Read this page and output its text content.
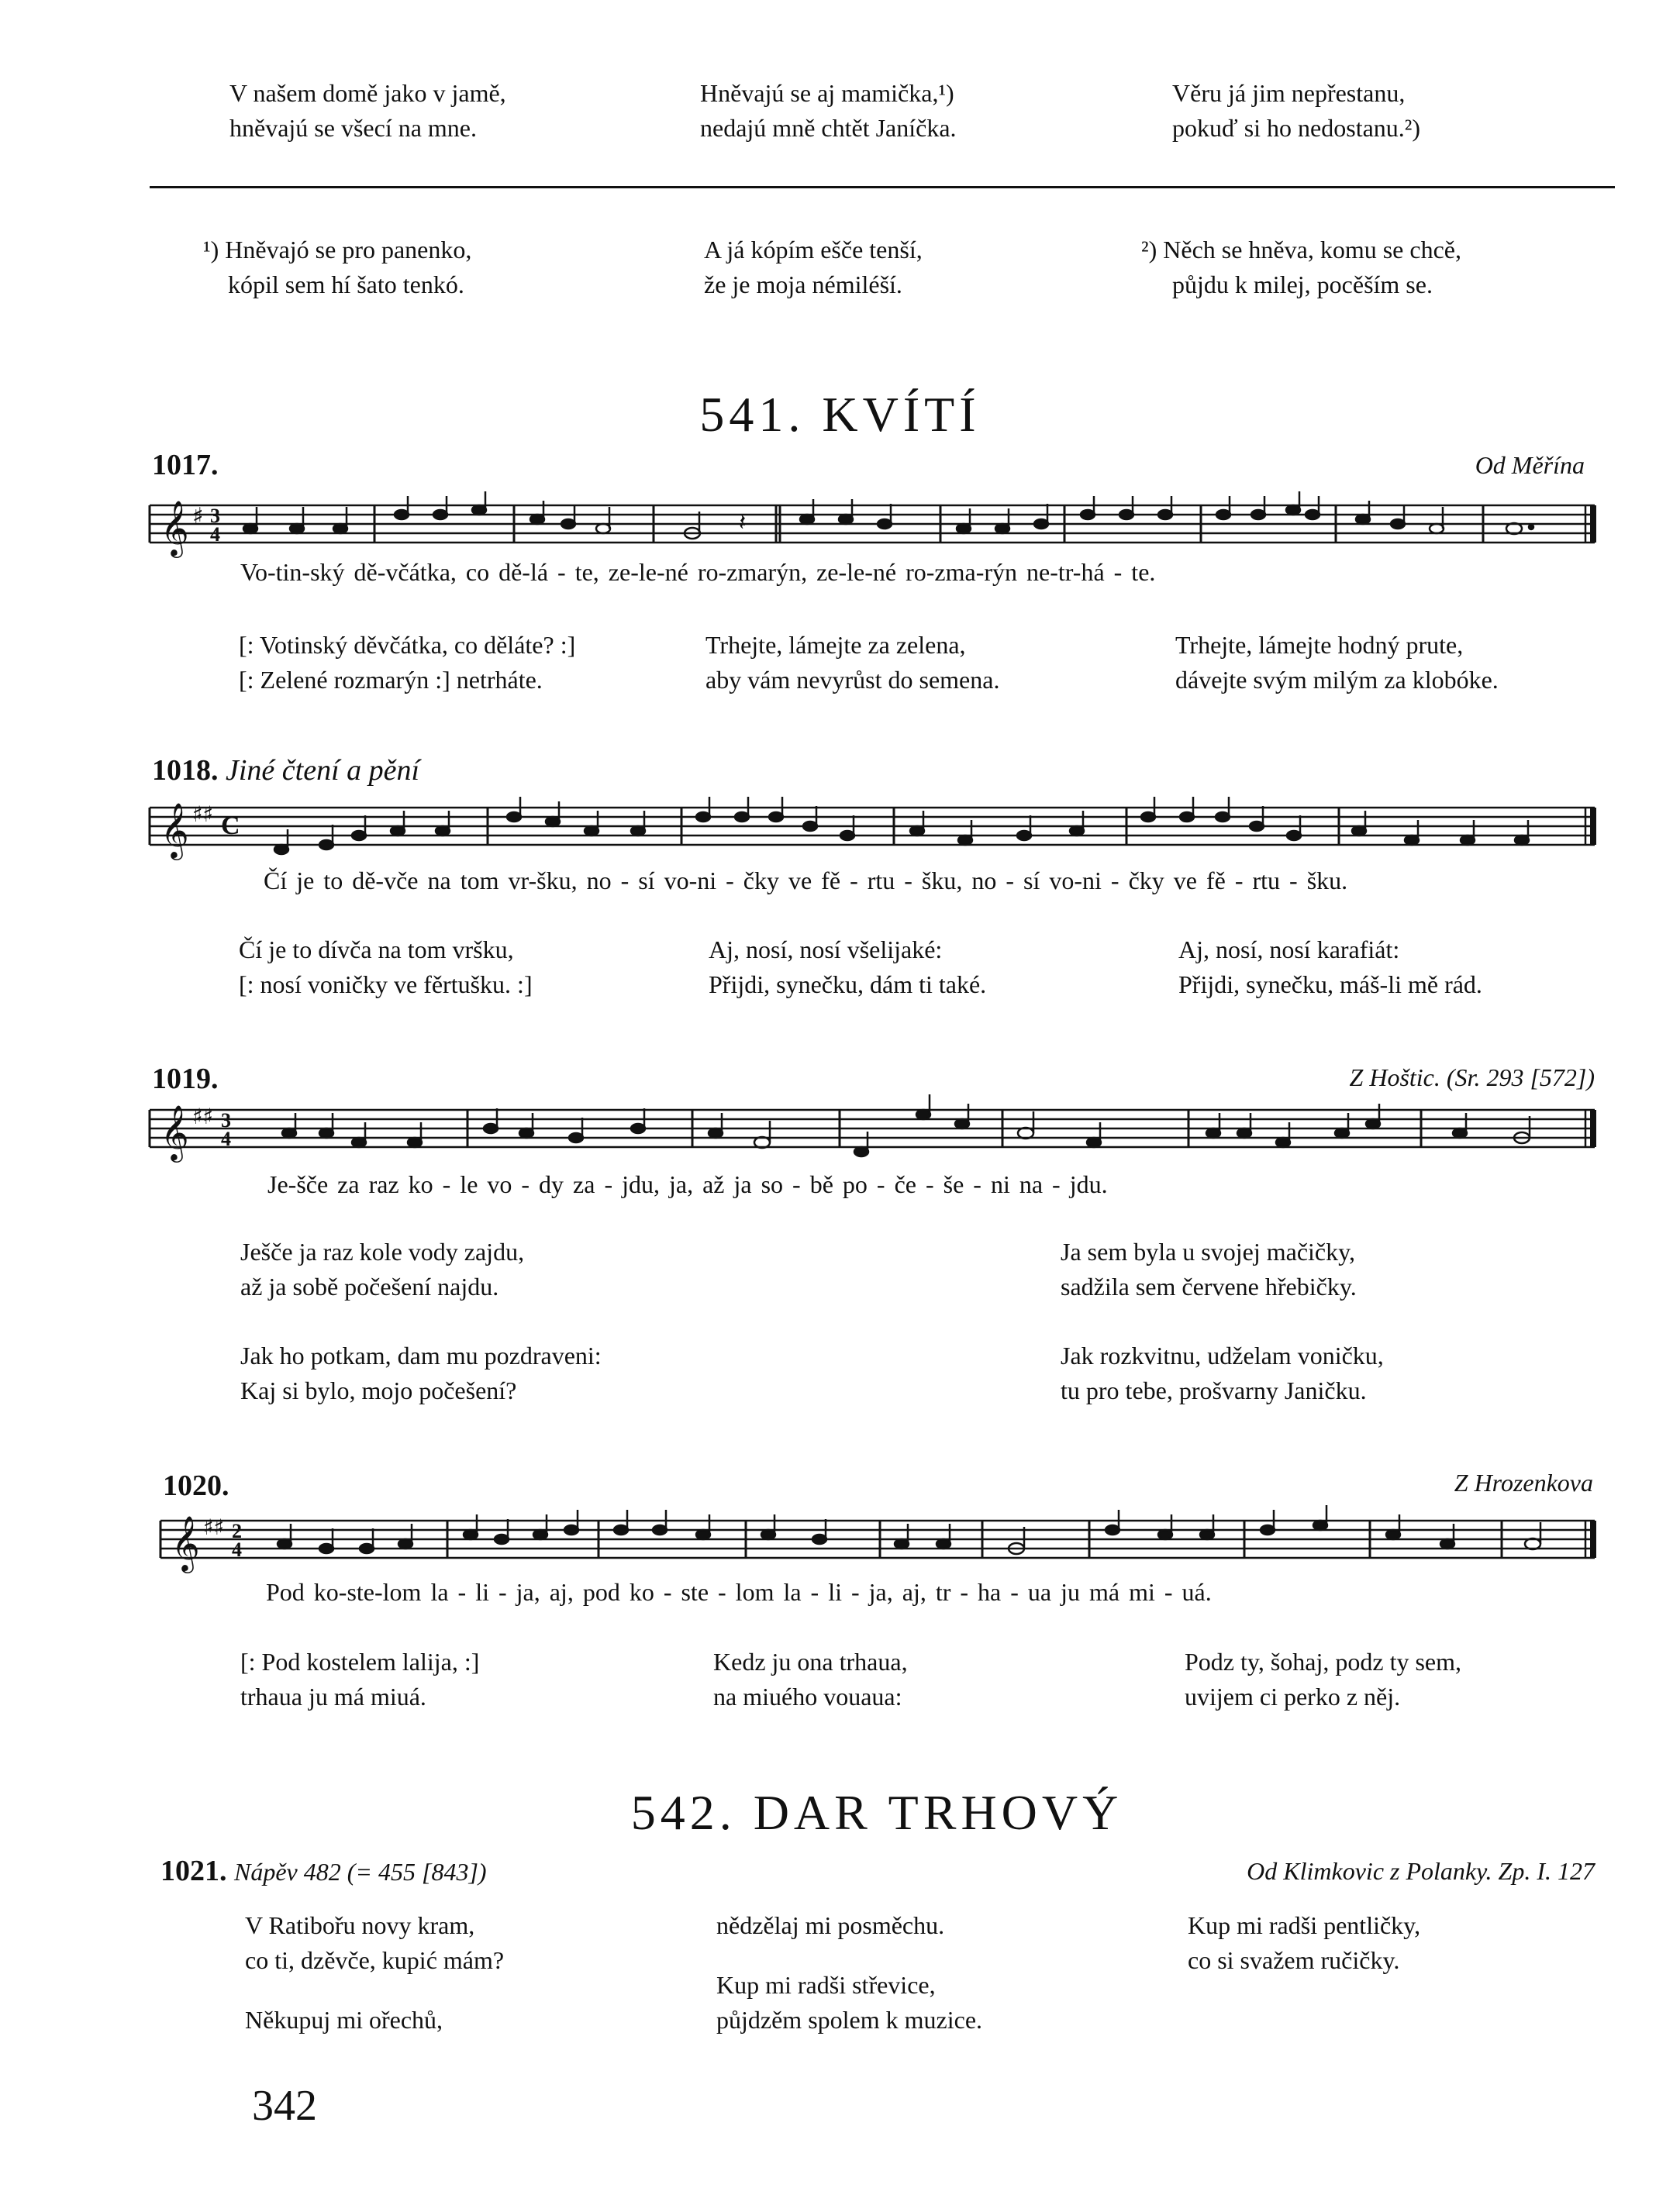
V našem domě jako v jamě,
hněvajú se všecí na mne.
Hněvajú se aj mamička,¹)
nedajú mně chtět Janíčka.
Věru já jim nepřestanu,
pokuď si ho nedostanu.²)
¹) Hněvajó se pro panenko,
kópil sem hí šato tenkó.
A já kópím ešče tenší,
že je moja némiléší.
²) Něch se hněva, komu se chcě,
půjdu k milej, pocěším se.
541. KVÍTÍ
1017.	Od Měřína
𝄞 ♯ 3
4	𝄽
Vo-tin-ský dě-včátka, co dě-lá - te, ze-le-né ro-zmarýn, ze-le-né ro-zma-rýn ne-tr-há - te.
[: Votinský děvčátka, co děláte? :]
[: Zelené rozmarýn :] netrháte.
Trhejte, lámejte za zelena,
aby vám nevyrůst do semena.
Trhejte, lámejte hodný prute,
dávejte svým milým za klobóke.
1018. Jiné čtení a pění
𝄞 ♯♯ C
Čí je to dě-vče na tom vr-šku, no - sí vo-ni - čky ve fě - rtu - šku, no - sí vo-ni - čky ve fě - rtu - šku.
Čí je to dívča na tom vršku,
[: nosí voničky ve fěrtušku. :]
Aj, nosí, nosí všelijaké:
Přijdi, synečku, dám ti také.
Aj, nosí, nosí karafiát:
Přijdi, synečku, máš-li mě rád.
1019.	Z Hoštic. (Sr. 293 [572])
𝄞 ♯♯ 3
4
Je-šče za raz ko - le vo - dy za - jdu, ja, až ja so - bě po - če - še - ni na - jdu.
Ješče ja raz kole vody zajdu,
až ja sobě počešení najdu.
Ja sem byla u svojej mačičky,
sadžila sem červene hřebičky.
Jak ho potkam, dam mu pozdraveni:
Kaj si bylo, mojo počešení?
Jak rozkvitnu, udželam voničku,
tu pro tebe, prošvarny Janičku.
1020.	Z Hrozenkova
𝄞 ♯♯ 2
4
Pod ko-ste-lom la - li - ja, aj, pod ko - ste - lom la - li - ja, aj, tr - ha - ua ju má mi - uá.
[: Pod kostelem lalija, :]
trhaua ju má miuá.
Kedz ju ona trhaua,
na miuého vouaua:
Podz ty, šohaj, podz ty sem,
uvijem ci perko z něj.
542. DAR TRHOVÝ
1021. Nápěv 482 (= 455 [843])	Od Klimkovic z Polanky. Zp. I. 127
V Ratibořu novy kram,
co ti, dzěvče, kupić mám?
Někupuj mi ořechů,
nědzělaj mi posměchu.
Kup mi radši střevice,
půjdzěm spolem k muzice.
Kup mi radši pentličky,
co si svažem ručičky.
342
